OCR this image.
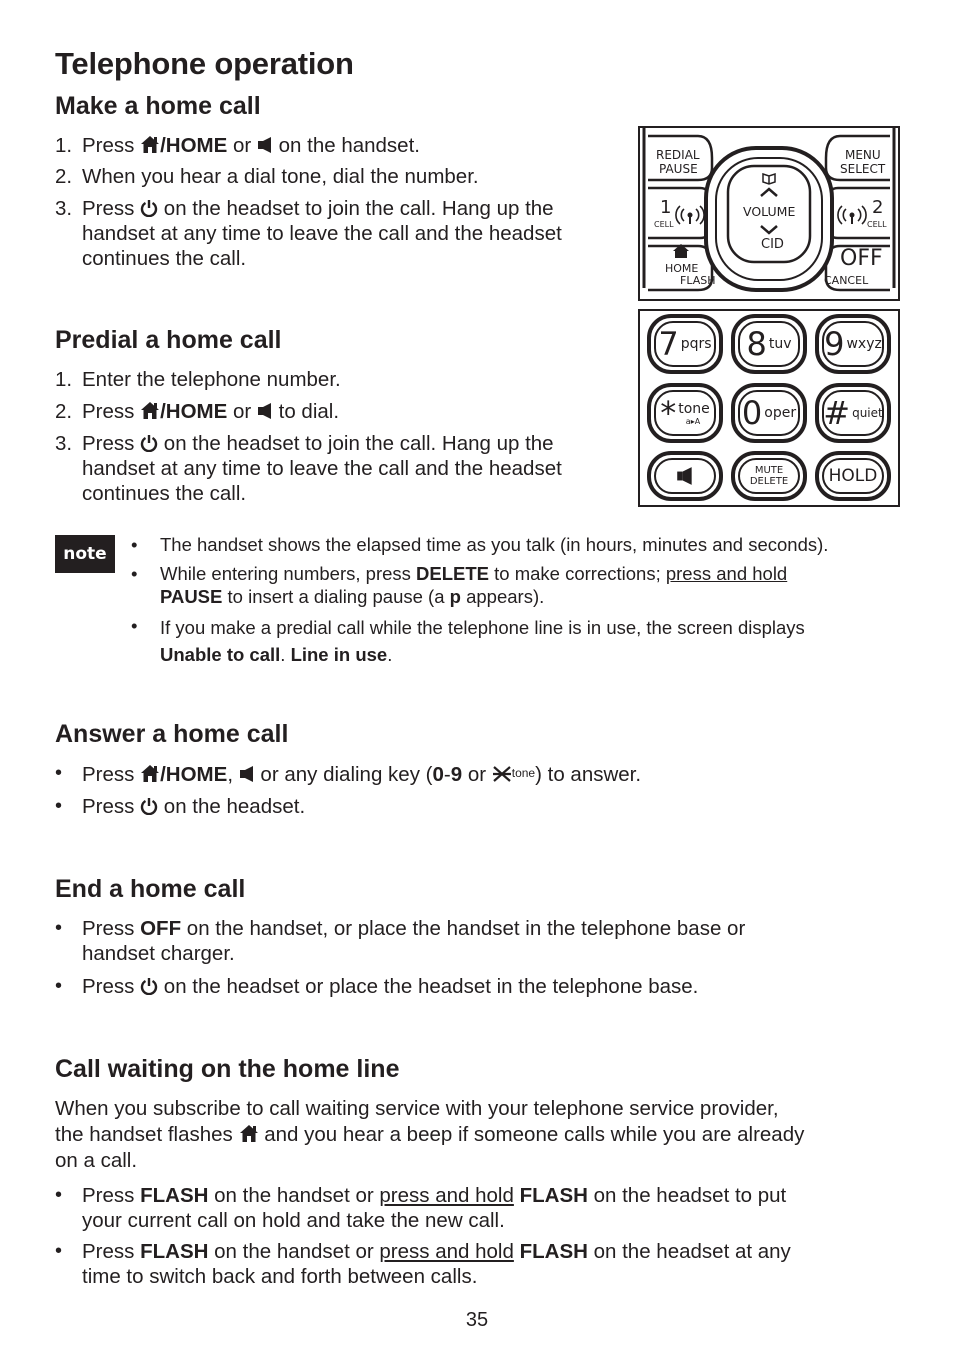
Telephone operation
Make a home call
1. Press /HOME or  on the handset.
2. When you hear a dial tone, dial the number.
3. Press  on the headset to join the call. Hang up the
handset at any time to leave the call and the headset
continues the call.
REDIAL
PAUSE
MENU
SELECT
VOLUME
CID
1
CELL
2
CELL
HOME
FLASH
OFF
CANCEL
Predial a home call
1. Enter the telephone number.
2. Press /HOME or  to dial.
3. Press  on the headset to join the call. Hang up the
handset at any time to leave the call and the headset
continues the call.
7 pqrs 8 tuv 9 wxyz
* tone
a▸A 0 oper # quiet
MUTE
DELETE HOLD
note	• The handset shows the elapsed time as you talk (in hours, minutes and seconds).
• While entering numbers, press DELETE to make corrections; press and hold
PAUSE to insert a dialing pause (a p appears).
• If you make a predial call while the telephone line is in use, the screen displays
Unable to call. Line in use.
Answer a home call
• Press /HOME,  or any dialing key (0-9 or tone) to answer.
• Press  on the headset.
End a home call
• Press OFF on the handset, or place the handset in the telephone base or
handset charger.
• Press  on the headset or place the headset in the telephone base.
Call waiting on the home line
When you subscribe to call waiting service with your telephone service provider,
the handset flashes  and you hear a beep if someone calls while you are already
on a call.
• Press FLASH on the handset or press and hold FLASH on the headset to put
your current call on hold and take the new call.
• Press FLASH on the handset or press and hold FLASH on the headset at any
time to switch back and forth between calls.
35
